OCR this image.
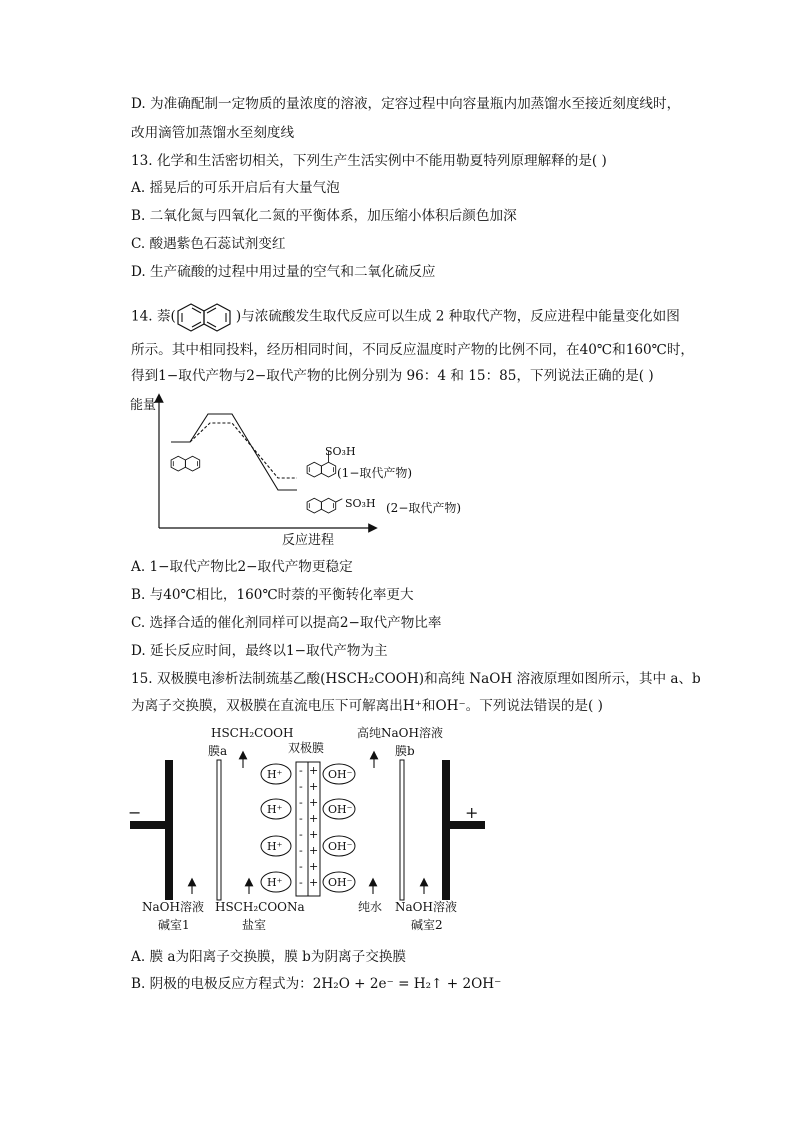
D. 为准确配制一定物质的量浓度的溶液，定容过程中向容量瓶内加蒸馏水至接近刻度线时，
改用滴管加蒸馏水至刻度线
13. 化学和生活密切相关，下列生产生活实例中不能用勒夏特列原理解释的是( )
A. 摇晃后的可乐开启后有大量气泡
B. 二氧化氮与四氧化二氮的平衡体系，加压缩小体积后颜色加深
C. 酸遇紫色石蕊试剂变红
D. 生产硫酸的过程中用过量的空气和二氧化硫反应
14. 萘(	)与浓硫酸发生取代反应可以生成 2 种取代产物，反应进程中能量变化如图
所示。其中相同投料，经历相同时间，不同反应温度时产物的比例不同，在40℃和160℃时，
得到1−取代产物与2−取代产物的比例分别为 96：4 和 15：85，下列说法正确的是( )
能量
反应进程
SO₃H
(1−取代产物)
SO₃H (2−取代产物)
A. 1−取代产物比2−取代产物更稳定
B. 与40℃相比，160℃时萘的平衡转化率更大
C. 选择合适的催化剂同样可以提高2−取代产物比率
D. 延长反应时间，最终以1−取代产物为主
15. 双极膜电渗析法制巯基乙酸(HSCH₂COOH)和高纯 NaOH 溶液原理如图所示，其中 a、b
为离子交换膜，双极膜在直流电压下可解离出H⁺和OH⁻。下列说法错误的是( )
HSCH₂COOH
膜a	双极膜
高纯NaOH溶液
膜b
−	+
-
-
-
-
-
-
-
-
+
+
+
+
+
+
+
+
H⁺
H⁺
H⁺
H⁺
OH⁻
OH⁻
OH⁻
OH⁻
NaOH溶液
碱室1
HSCH₂COONa
盐室
纯水 NaOH溶液
碱室2
A. 膜 a为阳离子交换膜，膜 b为阴离子交换膜
B. 阴极的电极反应方程式为：2H₂O + 2e⁻ = H₂↑ + 2OH⁻
